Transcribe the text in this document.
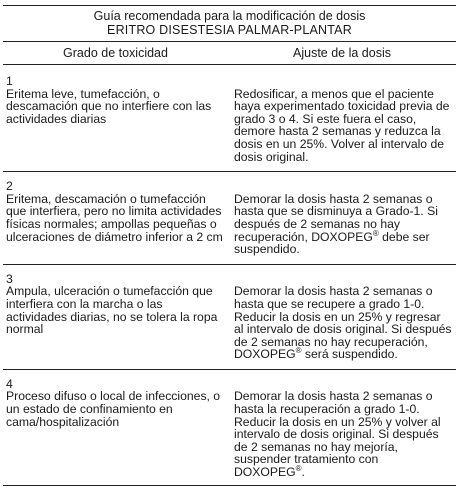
Guía recomendada para la modificación de dosis
ERITRO DISESTESIA PALMAR-PLANTAR
Grado de toxicidad	Ajuste de la dosis
1
Eritema leve, tumefacción, o descamación que no interfiere con las actividades diarias
Redosificar, a menos que el paciente haya experimentado toxicidad previa de grado 3 o 4. Si este fuera el caso, demore hasta 2 semanas y reduzca la dosis en un 25%. Volver al intervalo de dosis original.
2
Eritema, descamación o tumefacción que interfiera, pero no limita actividades físicas normales; ampollas pequeñas o ulceraciones de diámetro inferior a 2 cm
Demorar la dosis hasta 2 semanas o hasta que se disminuya a Grado-1. Si después de 2 semanas no hay recuperación, DOXOPEG® debe ser suspendido.
3
Ampula, ulceración o tumefacción que interfiera con la marcha o las actividades diarias, no se tolera la ropa normal
Demorar la dosis hasta 2 semanas o hasta que se recupere a grado 1-0. Reducir la dosis en un 25% y regresar al intervalo de dosis original. Si después de 2 semanas no hay recuperación, DOXOPEG® será suspendido.
4
Proceso difuso o local de infecciones, o un estado de confinamiento en cama/hospitalización
Demorar la dosis hasta 2 semanas o hasta la recuperación a grado 1-0. Reducir la dosis en un 25% y volver al intervalo de dosis original. Si después de 2 semanas no hay mejoría, suspender tratamiento con DOXOPEG®.
